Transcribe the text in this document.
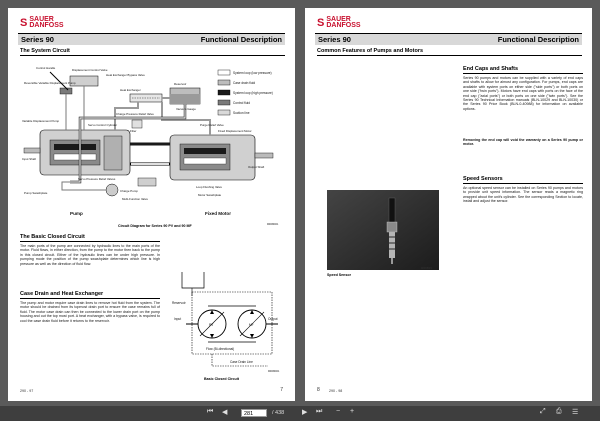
S SAUER
DANFOSS
Series 90	Functional Description
The System Circuit
System loop (low pressure)
Case drain fluid
System loop (high pressure)
Control fluid
Suction line
Control Handle	Displacement Control Valve
Heat Exchanger Bypass Valve
Reversible Variable Displacement Pump	Reservoir
Vacuum Gauge
Heat Exchanger
Charge Pressure Relief Valve
Purge Relief Valve
Variable Displacement Pump
Servo Control Cylinder
Filter	Fixed Displacement Motor
Input Shaft
Servo Pressure Relief Valves
Loop Flushing Valve
Pump Swashplate	Charge Pump
Multi-Function Valve
Motor Swashplate
Output Shaft
900060/01
Pump	Fixed Motor
Circuit Diagram for Series 90 PV and 90 MF
The Basic Closed Circuit
The main ports of the pump are connected by hydraulic lines to the main ports of the motor. Fluid flows, in either direction, from the pump to the motor then back to the pump in this closed circuit. Either of the hydraulic lines can be under high pressure. In pumping mode the position of the pump swashplate determines which line is high pressure as well as the direction of fluid flow.
Case Drain and Heat Exchanger
The pump and motor require case drain lines to remove hot fluid from the system. The motor should be drained from its topmost drain port to ensure the case remains full of fluid. The motor case drain can then be connected to the lower drain port on the pump housing and out the top most port. A heat exchanger, with a bypass valve, is required to cool the case drain fluid before it returns to the reservoir.
Reservoir
Input	Output
PV	MF
Flow (Bi-directional)
Case Drain Line
900060/01
Basic Closed Circuit
290 - 97	7
S SAUER
DANFOSS
Series 90	Functional Description
Common Features of Pumps and Motors
End Caps and Shafts
Series 90 pumps and motors can be supplied with a variety of end caps and shafts to allow for almost any configuration. For pumps, end caps are available with system ports on either side ("side ports") or both ports on one side ("twin ports"). Motors have end caps with ports on the face of the end cap ("axial ports") or both ports on one side ("twin ports"). See the Series 90 Technical Information manuals (BLN-10029 and BLN-10030) or the Series 90 Price Book (BLN-0-40988) for information on available options.
Removing the end cap will void the warranty on a Series 90 pump or motor.
Speed Sensors
An optional speed sensor can be installed on Series 90 pumps and motors to provide unit speed information. The sensor reads a magnetic ring wrapped about the unit's cylinder. See the corresponding Section to locate, install and adjust the sensor.
Speed Sensor
900058/1
8	290 - 98
⏮ ◀	281	/ 438	▶ ⏭ − +	⤢ ⎙ ☰
